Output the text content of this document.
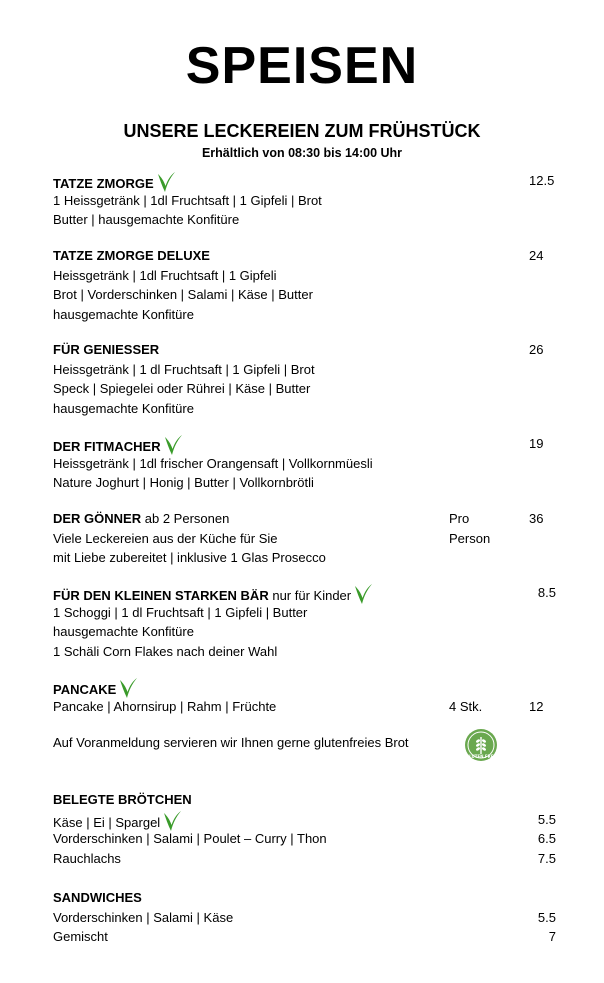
SPEISEN
UNSERE LECKEREIEN ZUM FRÜHSTÜCK
Erhältlich von 08:30 bis 14:00 Uhr
TATZE ZMORGE
1 Heissgetränk | 1dl Fruchtsaft | 1 Gipfeli | Brot
Butter | hausgemachte Konfitüre
12.5
TATZE ZMORGE DELUXE
Heissgetränk | 1dl Fruchtsaft | 1 Gipfeli
Brot | Vorderschinken | Salami | Käse | Butter
hausgemachte Konfitüre
24
FÜR GENIESSER
Heissgetränk | 1 dl Fruchtsaft | 1 Gipfeli | Brot
Speck | Spiegelei oder Rührei | Käse | Butter
hausgemachte Konfitüre
26
DER FITMACHER
Heissgetränk | 1dl frischer Orangensaft | Vollkornmüesli
Nature Joghurt | Honig | Butter | Vollkornbrötli
19
DER GÖNNER ab 2 Personen
Viele Leckereien aus der Küche für Sie
mit Liebe zubereitet | inklusive 1 Glas Prosecco
Pro
Person
36
FÜR DEN KLEINEN STARKEN BÄR nur für Kinder
1 Schoggi | 1 dl Fruchtsaft | 1 Gipfeli | Butter
hausgemachte Konfitüre
1 Schäli Corn Flakes nach deiner Wahl
8.5
PANCAKE
Pancake | Ahornsirup | Rahm | Früchte	4 Stk.	12
Auf Voranmeldung servieren wir Ihnen gerne glutenfreies Brot
GLUTEN FREE
BELEGTE BRÖTCHEN
Käse | Ei | Spargel
Vorderschinken | Salami | Poulet – Curry | Thon
Rauchlachs
5.5
6.5
7.5
SANDWICHES
Vorderschinken | Salami | Käse
Gemischt
5.5
7
